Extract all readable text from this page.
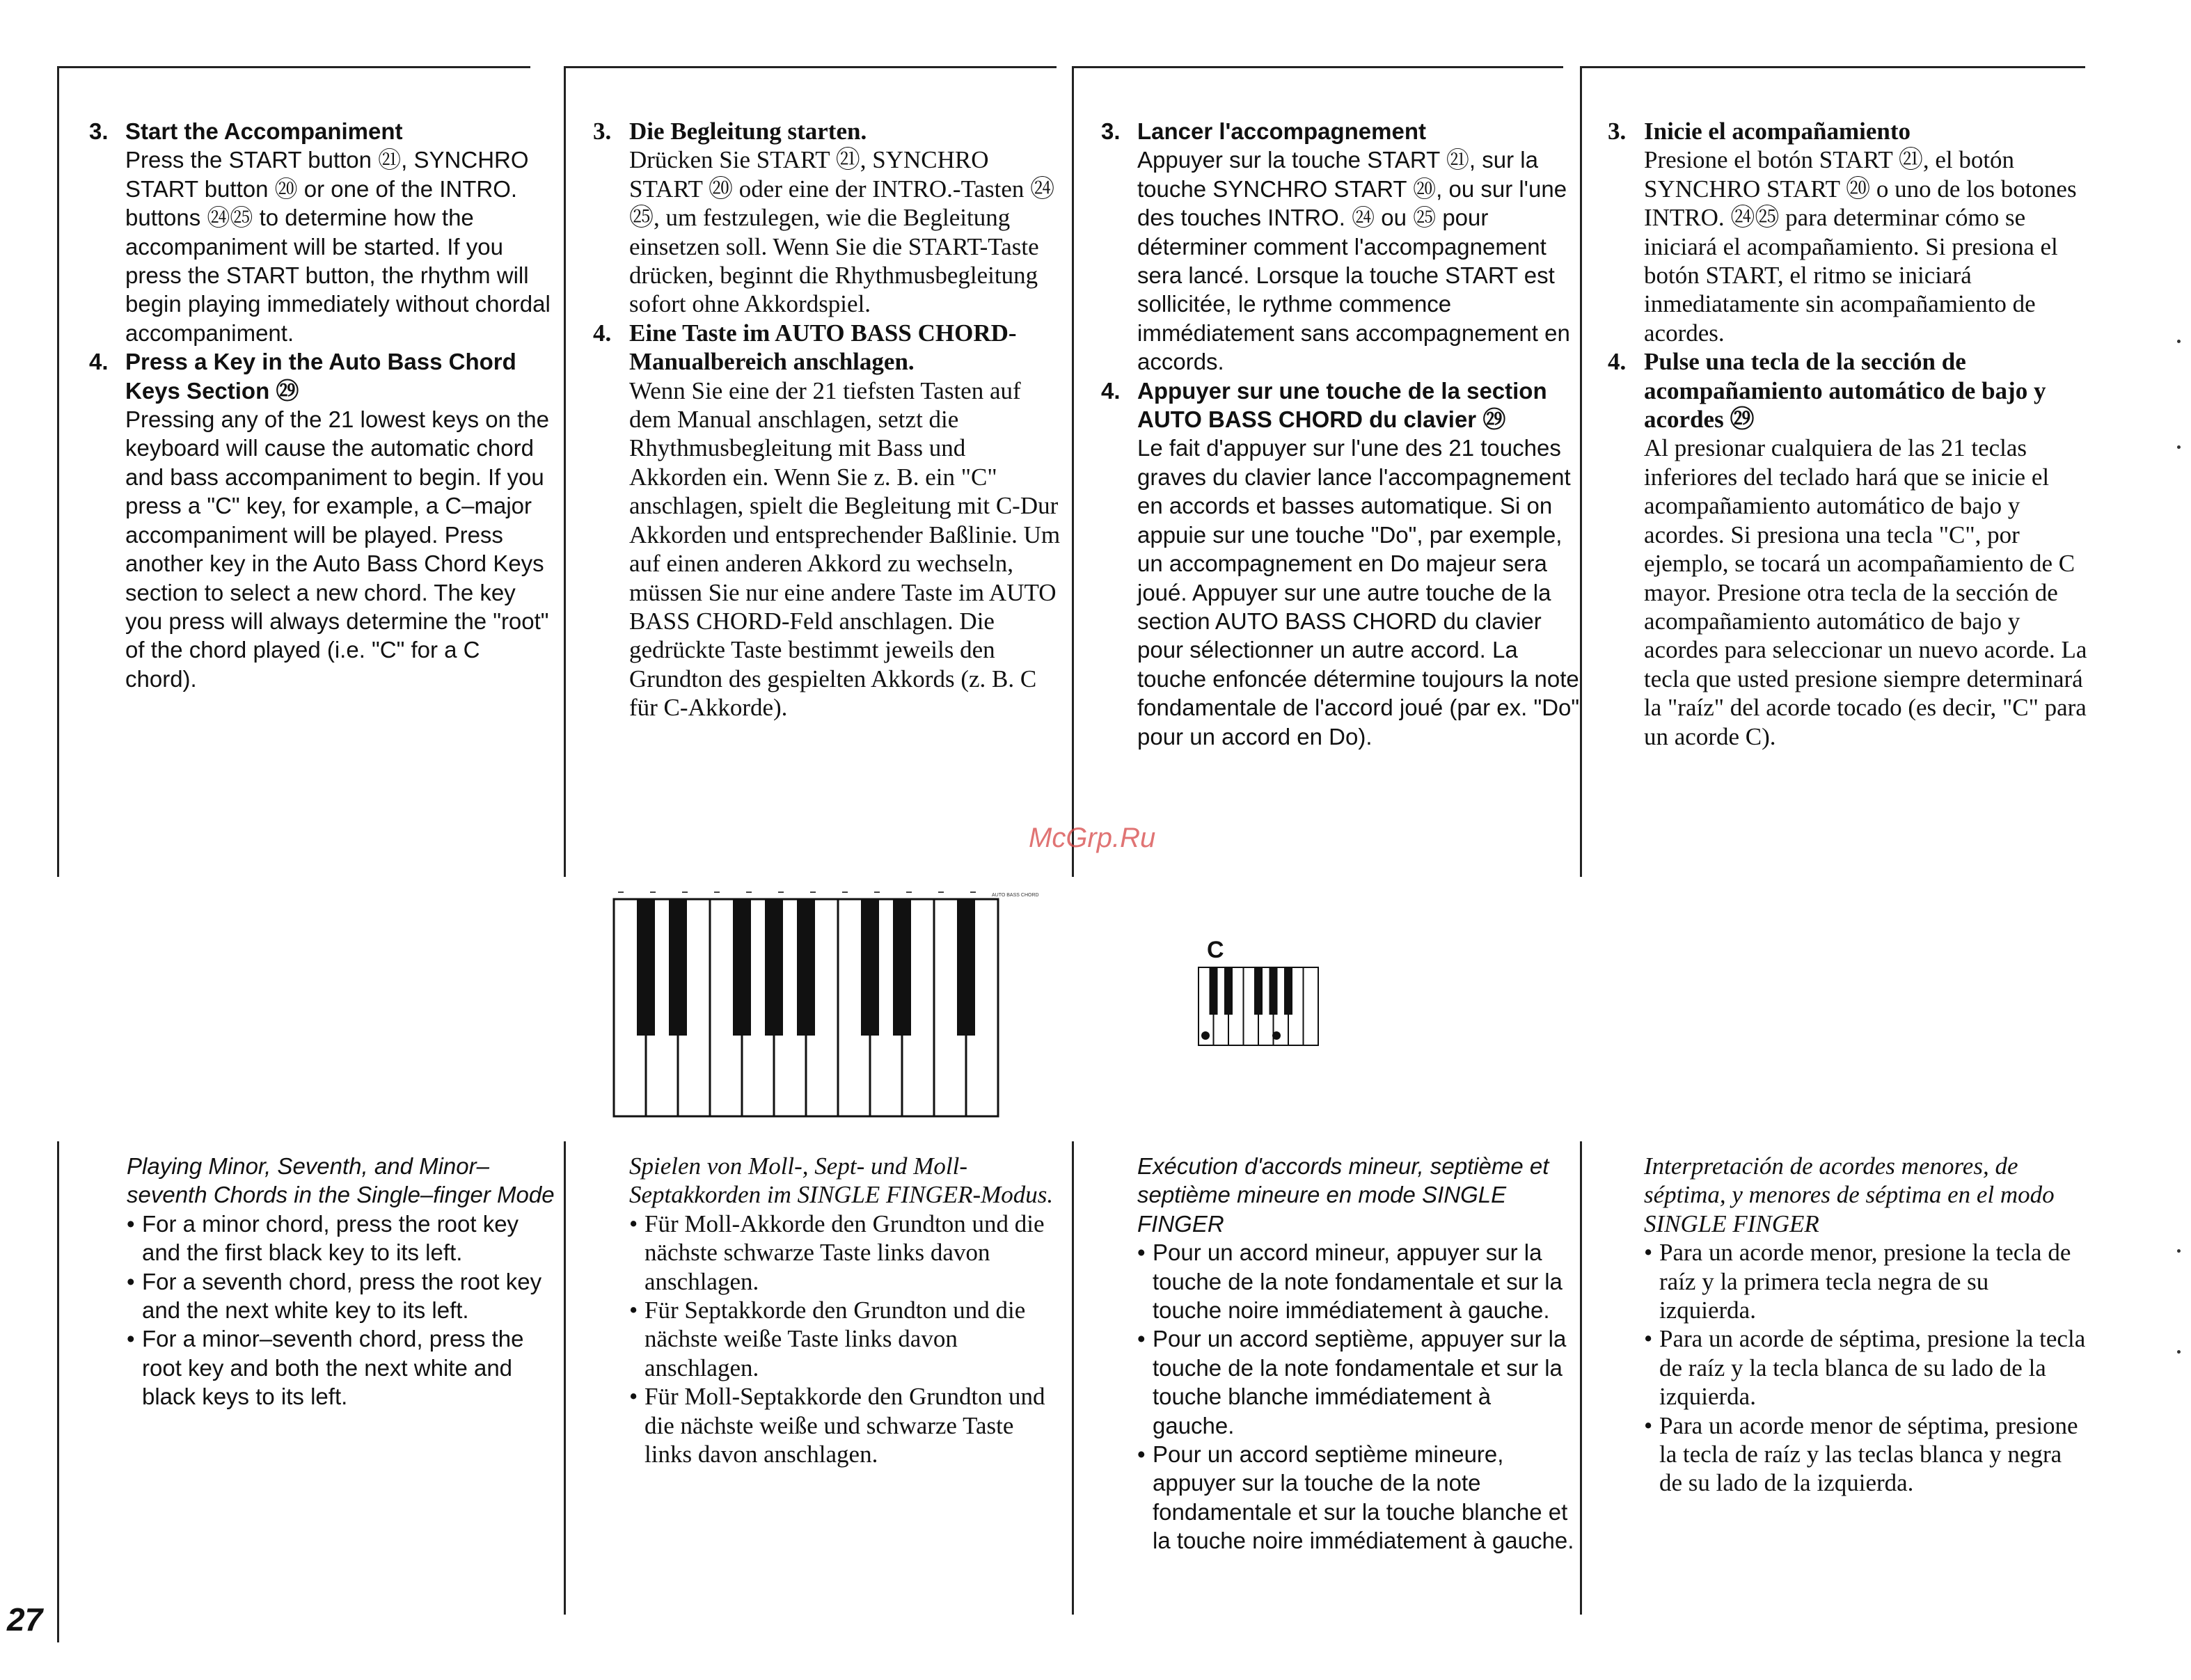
3. Start the Accompaniment
Press the START button ㉑, SYNCHRO START button ⑳ or one of the INTRO. buttons ㉔㉕ to determine how the accompaniment will be started. If you press the START button, the rhythm will begin playing immediately without chordal accompaniment.
4. Press a Key in the Auto Bass Chord Keys Section ㉙
Pressing any of the 21 lowest keys on the keyboard will cause the automatic chord and bass accompaniment to begin. If you press a "C" key, for example, a C–major accompaniment will be played. Press another key in the Auto Bass Chord Keys section to select a new chord. The key you press will always determine the "root" of the chord played (i.e. "C" for a C chord).
3. Die Begleitung starten.
Drücken Sie START ㉑, SYNCHRO START ⑳ oder eine der INTRO.-Tasten ㉔㉕, um festzulegen, wie die Begleitung einsetzen soll. Wenn Sie die START-Taste drücken, beginnt die Rhythmusbegleitung sofort ohne Akkordspiel.
4. Eine Taste im AUTO BASS CHORD-Manualbereich anschlagen.
Wenn Sie eine der 21 tiefsten Tasten auf dem Manual anschlagen, setzt die Rhythmusbegleitung mit Bass und Akkorden ein. Wenn Sie z. B. ein "C" anschlagen, spielt die Begleitung mit C-Dur Akkorden und entsprechender Baßlinie. Um auf einen anderen Akkord zu wechseln, müssen Sie nur eine andere Taste im AUTO BASS CHORD-Feld anschlagen. Die gedrückte Taste bestimmt jeweils den Grundton des gespielten Akkords (z. B. C für C-Akkorde).
3. Lancer l'accompagnement
Appuyer sur la touche START ㉑, sur la touche SYNCHRO START ⑳, ou sur l'une des touches INTRO. ㉔ ou ㉕ pour déterminer comment l'accompagnement sera lancé. Lorsque la touche START est sollicitée, le rythme commence immédiatement sans accompagnement en accords.
4. Appuyer sur une touche de la section AUTO BASS CHORD du clavier ㉙
Le fait d'appuyer sur l'une des 21 touches graves du clavier lance l'accompagnement en accords et basses automatique. Si on appuie sur une touche "Do", par exemple, un accompagnement en Do majeur sera joué. Appuyer sur une autre touche de la section AUTO BASS CHORD du clavier pour sélectionner un autre accord. La touche enfoncée détermine toujours la note fondamentale de l'accord joué (par ex. "Do" pour un accord en Do).
3. Inicie el acompañamiento
Presione el botón START ㉑, el botón SYNCHRO START ⑳ o uno de los botones INTRO. ㉔㉕ para determinar cómo se iniciará el acompañamiento. Si presiona el botón START, el ritmo se iniciará inmediatamente sin acompañamiento de acordes.
4. Pulse una tecla de la sección de acompañamiento automático de bajo y acordes ㉙
Al presionar cualquiera de las 21 teclas inferiores del teclado hará que se inicie el acompañamiento automático de bajo y acordes. Si presiona una tecla "C", por ejemplo, se tocará un acompañamiento de C mayor. Presione otra tecla de la sección de acompañamiento automático de bajo y acordes para seleccionar un nuevo acorde. La tecla que usted presione siempre determinará la "raíz" del acorde tocado (es decir, "C" para un acorde C).
AUTO BASS CHORD
C
Playing Minor, Seventh, and Minor–seventh Chords in the Single–finger Mode
• For a minor chord, press the root key and the first black key to its left.
• For a seventh chord, press the root key and the next white key to its left.
• For a minor–seventh chord, press the root key and both the next white and black keys to its left.
Spielen von Moll-, Sept- und Moll-Septakkorden im SINGLE FINGER-Modus.
• Für Moll-Akkorde den Grundton und die nächste schwarze Taste links davon anschlagen.
• Für Septakkorde den Grundton und die nächste weiße Taste links davon anschlagen.
• Für Moll-Septakkorde den Grundton und die nächste weiße und schwarze Taste links davon anschlagen.
Exécution d'accords mineur, septième et septième mineure en mode SINGLE FINGER
• Pour un accord mineur, appuyer sur la touche de la note fondamentale et sur la touche noire immédiatement à gauche.
• Pour un accord septième, appuyer sur la touche de la note fondamentale et sur la touche blanche immédiatement à gauche.
• Pour un accord septième mineure, appuyer sur la touche de la note fondamentale et sur la touche blanche et la touche noire immédiatement à gauche.
Interpretación de acordes menores, de séptima, y menores de séptima en el modo SINGLE FINGER
• Para un acorde menor, presione la tecla de raíz y la primera tecla negra de su izquierda.
• Para un acorde de séptima, presione la tecla de raíz y la tecla blanca de su lado de la izquierda.
• Para un acorde menor de séptima, presione la tecla de raíz y las teclas blanca y negra de su lado de la izquierda.
27
McGrp.Ru
